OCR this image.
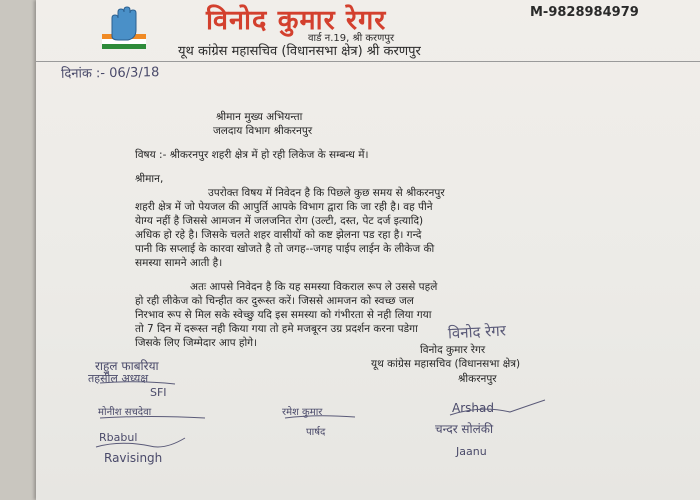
विनोद कुमार रेगर	M-9828984979
वार्ड न.19, श्री करणपुर
यूथ कांग्रेस महासचिव (विधानसभा क्षेत्र) श्री करणपुर
दिनांक :- 06/3/18
श्रीमान मुख्य अभियन्ता
जलदाय विभाग श्रीकरनपुर
विषय :- श्रीकरनपुर शहरी क्षेत्र में हो रही लिकेज के सम्बन्ध में।
श्रीमान,
उपरोक्त विषय में निवेदन है कि पिछले कुछ समय से श्रीकरनपुर
शहरी क्षेत्र में जो पेयजल की आपुर्ति आपके विभाग द्वारा कि जा रही है। वह पीने
येाग्य नहीं है जिससे आमजन में जलजनित रोग (उल्टी, दस्त, पेट दर्ज इत्यादि)
अधिक हो रहे है। जिसके चलते शहर वासीयों को कष्ट झेलना पड रहा है। गन्दे
पानी कि सप्लाई के कारवा खोजते है तो जगह--जगह पाईप लाईन के लीकेज की
समस्या सामने आती है।
अतः आपसे निवेदन है कि यह समस्या विकराल रूप ले उससे पहले
हो रही लीकेज को चिन्हीत कर दुरूस्त करें। जिससे आमजन को स्वच्छ जल
निरभाव रूप से मिल सके स्वेच्छु यदि इस समस्या को गंभीरता से नही लिया गया
तो 7 दिन में दरूस्त नही किया गया तो हमे मजबूरन उग्र प्रदर्शन करना पडेगा
जिसके लिए जिम्मेदार आप होगे।
विनोद रेगर
विनोद कुमार रेगर
यूथ कांग्रेस महासचिव (विधानसभा क्षेत्र)
श्रीकरनपुर
राहुल फाबरिया
तहसील अध्यक्ष
SFI
मोनीश सचदेवा
Rbabul
Ravisingh
रमेश कुमार
पार्षद
Arshad
चन्दर सोलंकी
Jaanu
